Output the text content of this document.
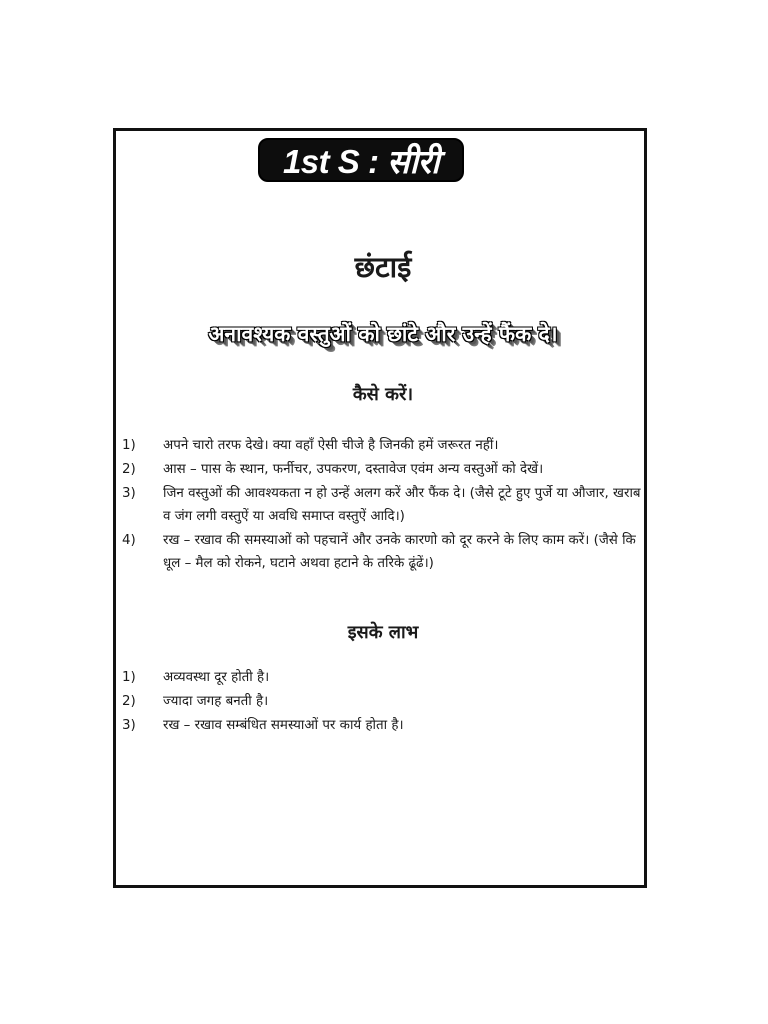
1st S : सीरी
छंटाई
अनावश्यक वस्तुओं को छांटे और उन्हें फैंक दे।
कैसे करें।
1)	अपने चारो तरफ देखे। क्या वहाँ ऐसी चीजे है जिनकी हमें जरूरत नहीं।
2)	आस – पास के स्थान, फर्नीचर, उपकरण, दस्तावेज एवंम अन्य वस्तुओं को देखें।
3)	जिन वस्तुओं की आवश्यकता न हो उन्हें अलग करें और फैंक दे। (जैसे टूटे हुए पुर्जे या औजार, खराब व जंग लगी वस्तुऐं या अवधि समाप्त वस्तुऐं आदि।)
4)	रख – रखाव की समस्याओं को पहचानें और उनके कारणो को दूर करने के लिए काम करें। (जैसे कि धूल – मैल को रोकने, घटाने अथवा हटाने के तरिके ढूंढें।)
इसके लाभ
1)	अव्यवस्था दूर होती है।
2)	ज्यादा जगह बनती है।
3)	रख – रखाव सम्बंधित समस्याओं पर कार्य होता है।
